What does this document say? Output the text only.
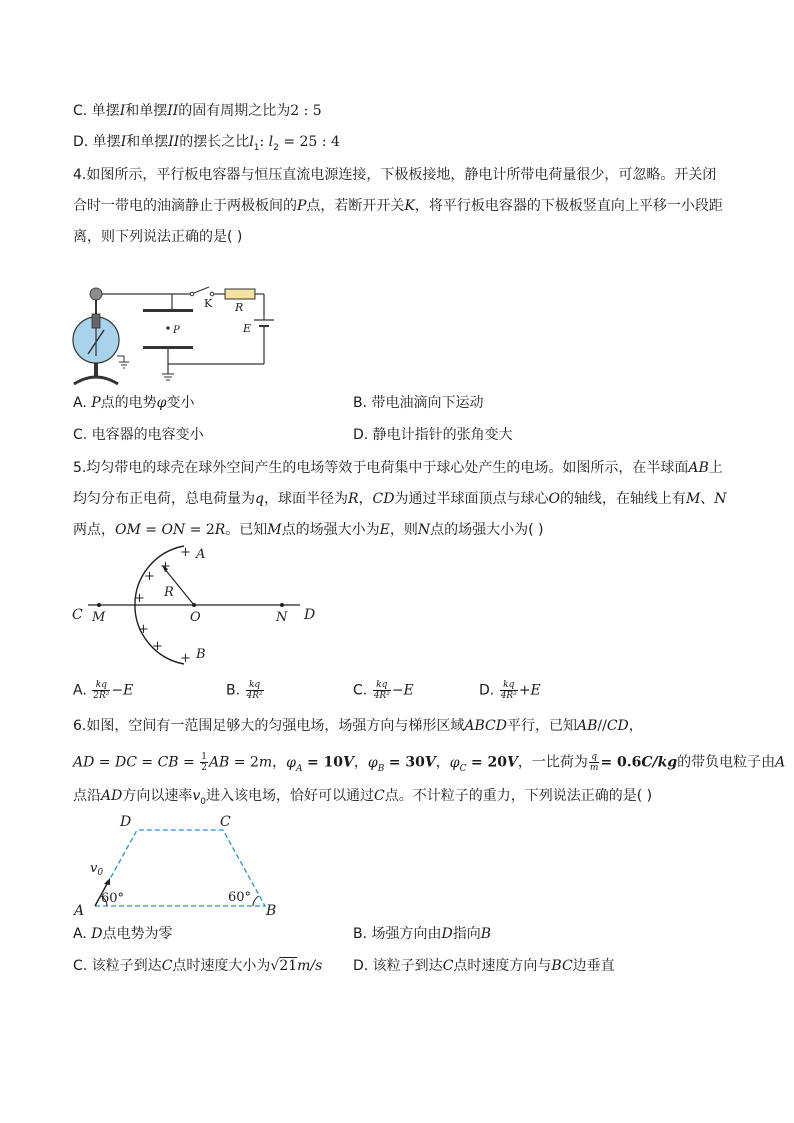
C. 单摆I和单摆II的固有周期之比为2 : 5
D. 单摆I和单摆II的摆长之比$l_1$: $l_2 = 25$ : 4
4.如图所示，平行板电容器与恒压直流电源连接，下极板接地，静电计所带电荷量很少，可忽略。开关闭
合时一带电的油滴静止于两极板间的P点，若断开开关K，将平行板电容器的下极板竖直向上平移一小段距
离，则下列说法正确的是( )
K R
E
P
A. P点的电势φ变小	B. 带电油滴向下运动
C. 电容器的电容变小	D. 静电计指针的张角变大
5.均匀带电的球壳在球外空间产生的电场等效于电荷集中于球心处产生的电场。如图所示，在半球面AB上
均匀分布正电荷，总电荷量为q，球面半径为R，CD为通过半球面顶点与球心O的轴线，在轴线上有M、N
两点，OM = ON = 2R。已知M点的场强大小为E，则N点的场强大小为( )
R
C M	O	N D
A
B
+
+
+
+
+
+
+
A. $\frac{kq}{\text{2R²}} -E$	B. $\frac{kq}{\text{4R²}}$	C. $\frac{kq}{\text{4R²}} -E$	D. $\frac{kq}{\text{4R²}} +E$
6.如图，空间有一范围足够大的匀强电场，场强方向与梯形区域ABCD平行，已知AB//CD，
AD = DC = CB = $\frac{1}{2}$ AB = 2m，$\varphi_A = 10V$，$\varphi_B = 30V$，$\varphi_C = 20V$，一比荷为 $\frac{q}{m} = 0.6C/kg$的带负电粒子由A
点沿AD方向以速率$v_0$进入该电场，恰好可以通过C点。不计粒子的重力，下列说法正确的是( )
$v_0$
60°	60°
A	B
C
D
A. D点电势为零	B. 场强方向由D指向B
C. 该粒子到达C点时速度大小为√21m/s D. 该粒子到达C点时速度方向与BC边垂直
